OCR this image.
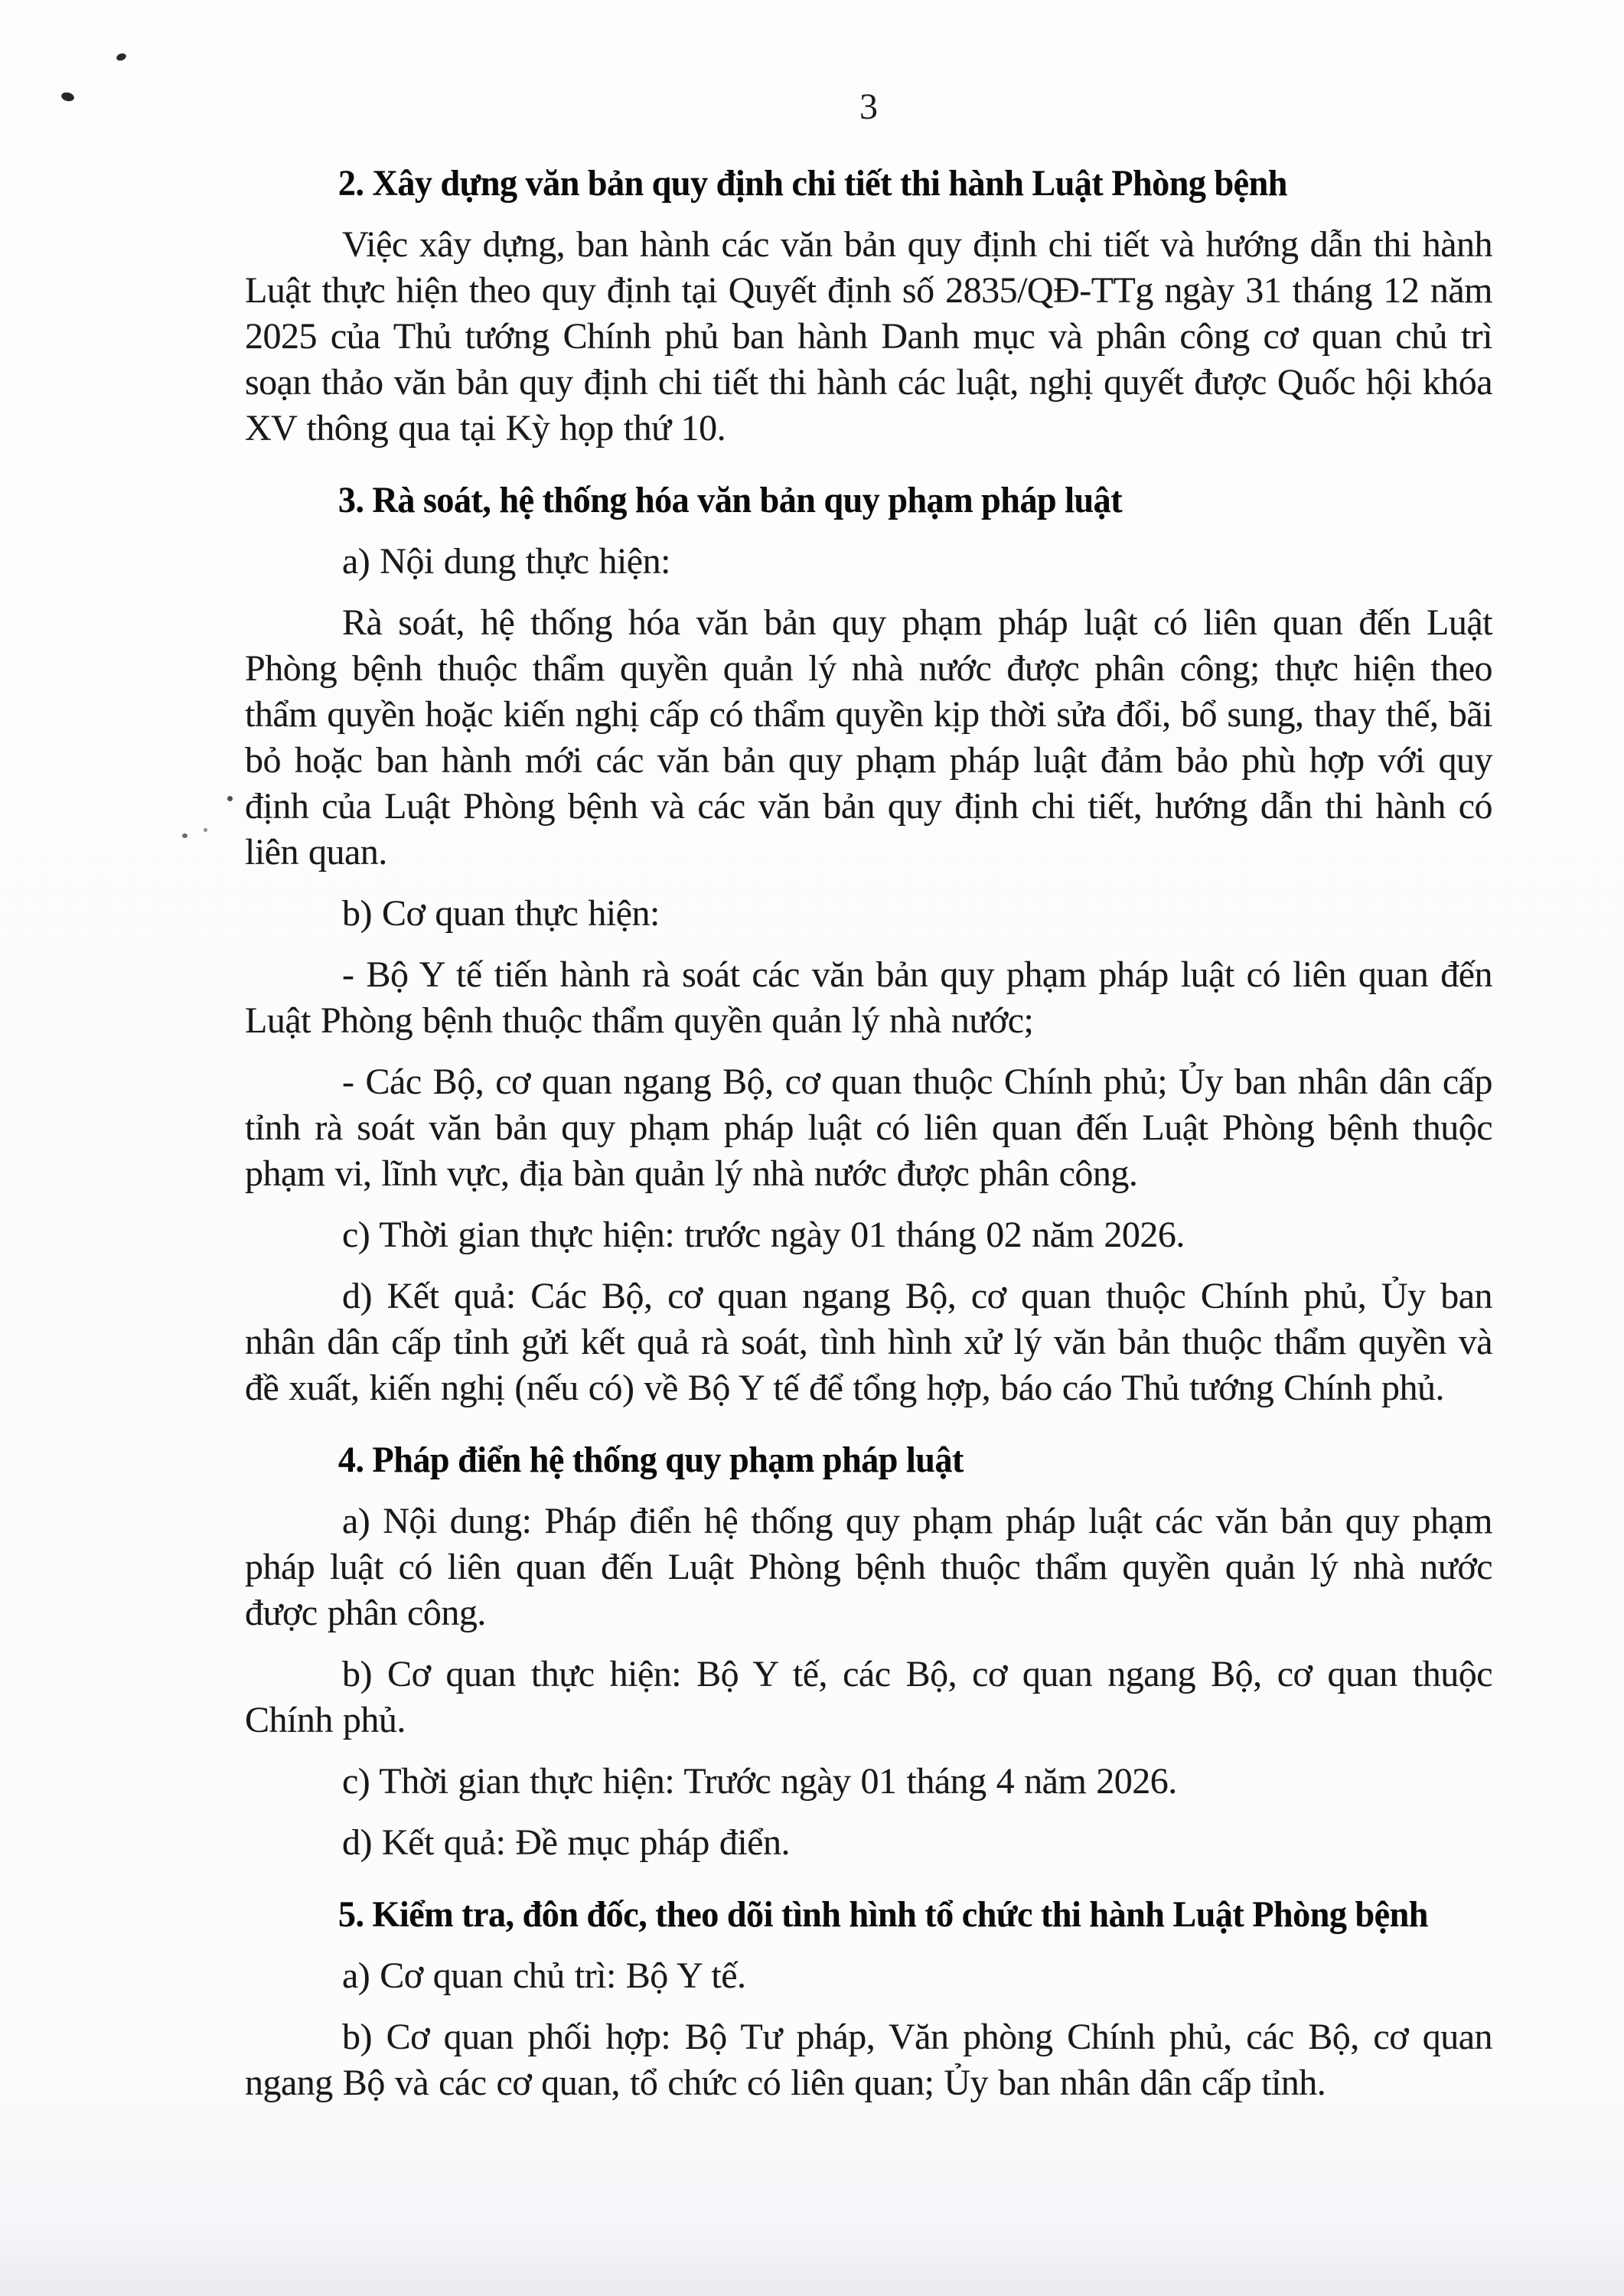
3
2. Xây dựng văn bản quy định chi tiết thi hành Luật Phòng bệnh

Việc xây dựng, ban hành các văn bản quy định chi tiết và hướng dẫn thi hành Luật thực hiện theo quy định tại Quyết định số 2835/QĐ-TTg ngày 31 tháng 12 năm 2025 của Thủ tướng Chính phủ ban hành Danh mục và phân công cơ quan chủ trì soạn thảo văn bản quy định chi tiết thi hành các luật, nghị quyết được Quốc hội khóa XV thông qua tại Kỳ họp thứ 10.

3. Rà soát, hệ thống hóa văn bản quy phạm pháp luật

a) Nội dung thực hiện:

Rà soát, hệ thống hóa văn bản quy phạm pháp luật có liên quan đến Luật Phòng bệnh thuộc thẩm quyền quản lý nhà nước được phân công; thực hiện theo thẩm quyền hoặc kiến nghị cấp có thẩm quyền kịp thời sửa đổi, bổ sung, thay thế, bãi bỏ hoặc ban hành mới các văn bản quy phạm pháp luật đảm bảo phù hợp với quy định của Luật Phòng bệnh và các văn bản quy định chi tiết, hướng dẫn thi hành có liên quan.

b) Cơ quan thực hiện:

- Bộ Y tế tiến hành rà soát các văn bản quy phạm pháp luật có liên quan đến Luật Phòng bệnh thuộc thẩm quyền quản lý nhà nước;

- Các Bộ, cơ quan ngang Bộ, cơ quan thuộc Chính phủ; Ủy ban nhân dân cấp tỉnh rà soát văn bản quy phạm pháp luật có liên quan đến Luật Phòng bệnh thuộc phạm vi, lĩnh vực, địa bàn quản lý nhà nước được phân công.

c) Thời gian thực hiện: trước ngày 01 tháng 02 năm 2026.

d) Kết quả: Các Bộ, cơ quan ngang Bộ, cơ quan thuộc Chính phủ, Ủy ban nhân dân cấp tỉnh gửi kết quả rà soát, tình hình xử lý văn bản thuộc thẩm quyền và đề xuất, kiến nghị (nếu có) về Bộ Y tế để tổng hợp, báo cáo Thủ tướng Chính phủ.

4. Pháp điển hệ thống quy phạm pháp luật

a) Nội dung: Pháp điển hệ thống quy phạm pháp luật các văn bản quy phạm pháp luật có liên quan đến Luật Phòng bệnh thuộc thẩm quyền quản lý nhà nước được phân công.

b) Cơ quan thực hiện: Bộ Y tế, các Bộ, cơ quan ngang Bộ, cơ quan thuộc Chính phủ.

c) Thời gian thực hiện: Trước ngày 01 tháng 4 năm 2026.

d) Kết quả: Đề mục pháp điển.

5. Kiểm tra, đôn đốc, theo dõi tình hình tổ chức thi hành Luật Phòng bệnh

a) Cơ quan chủ trì: Bộ Y tế.

b) Cơ quan phối hợp: Bộ Tư pháp, Văn phòng Chính phủ, các Bộ, cơ quan ngang Bộ và các cơ quan, tổ chức có liên quan; Ủy ban nhân dân cấp tỉnh.
